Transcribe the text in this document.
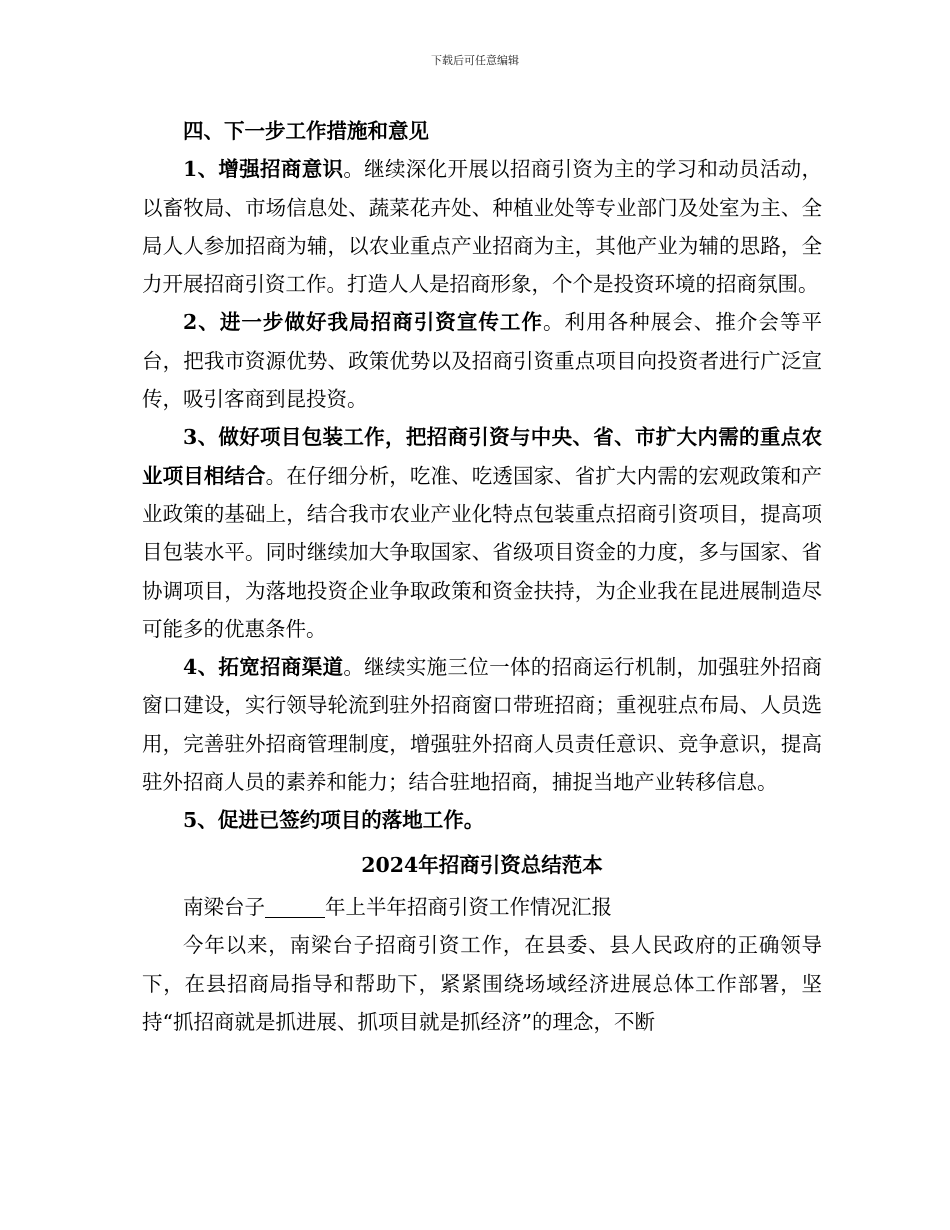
下载后可任意编辑

四、下一步工作措施和意见

1、增强招商意识。继续深化开展以招商引资为主的学习和动员活动，以畜牧局、市场信息处、蔬菜花卉处、种植业处等专业部门及处室为主、全局人人参加招商为辅，以农业重点产业招商为主，其他产业为辅的思路，全力开展招商引资工作。打造人人是招商形象，个个是投资环境的招商氛围。

2、进一步做好我局招商引资宣传工作。利用各种展会、推介会等平台，把我市资源优势、政策优势以及招商引资重点项目向投资者进行广泛宣传，吸引客商到昆投资。

3、做好项目包装工作，把招商引资与中央、省、市扩大内需的重点农业项目相结合。在仔细分析，吃准、吃透国家、省扩大内需的宏观政策和产业政策的基础上，结合我市农业产业化特点包装重点招商引资项目，提高项目包装水平。同时继续加大争取国家、省级项目资金的力度，多与国家、省协调项目，为落地投资企业争取政策和资金扶持，为企业我在昆进展制造尽可能多的优惠条件。

4、拓宽招商渠道。继续实施三位一体的招商运行机制，加强驻外招商窗口建设，实行领导轮流到驻外招商窗口带班招商；重视驻点布局、人员选用，完善驻外招商管理制度，增强驻外招商人员责任意识、竞争意识，提高驻外招商人员的素养和能力；结合驻地招商，捕捉当地产业转移信息。

5、促进已签约项目的落地工作。

2024年招商引资总结范本

南梁台子	年上半年招商引资工作情况汇报

今年以来，南梁台子招商引资工作，在县委、县人民政府的正确领导下，在县招商局指导和帮助下，紧紧围绕场域经济进展总体工作部署，坚持“抓招商就是抓进展、抓项目就是抓经济”的理念，不断
